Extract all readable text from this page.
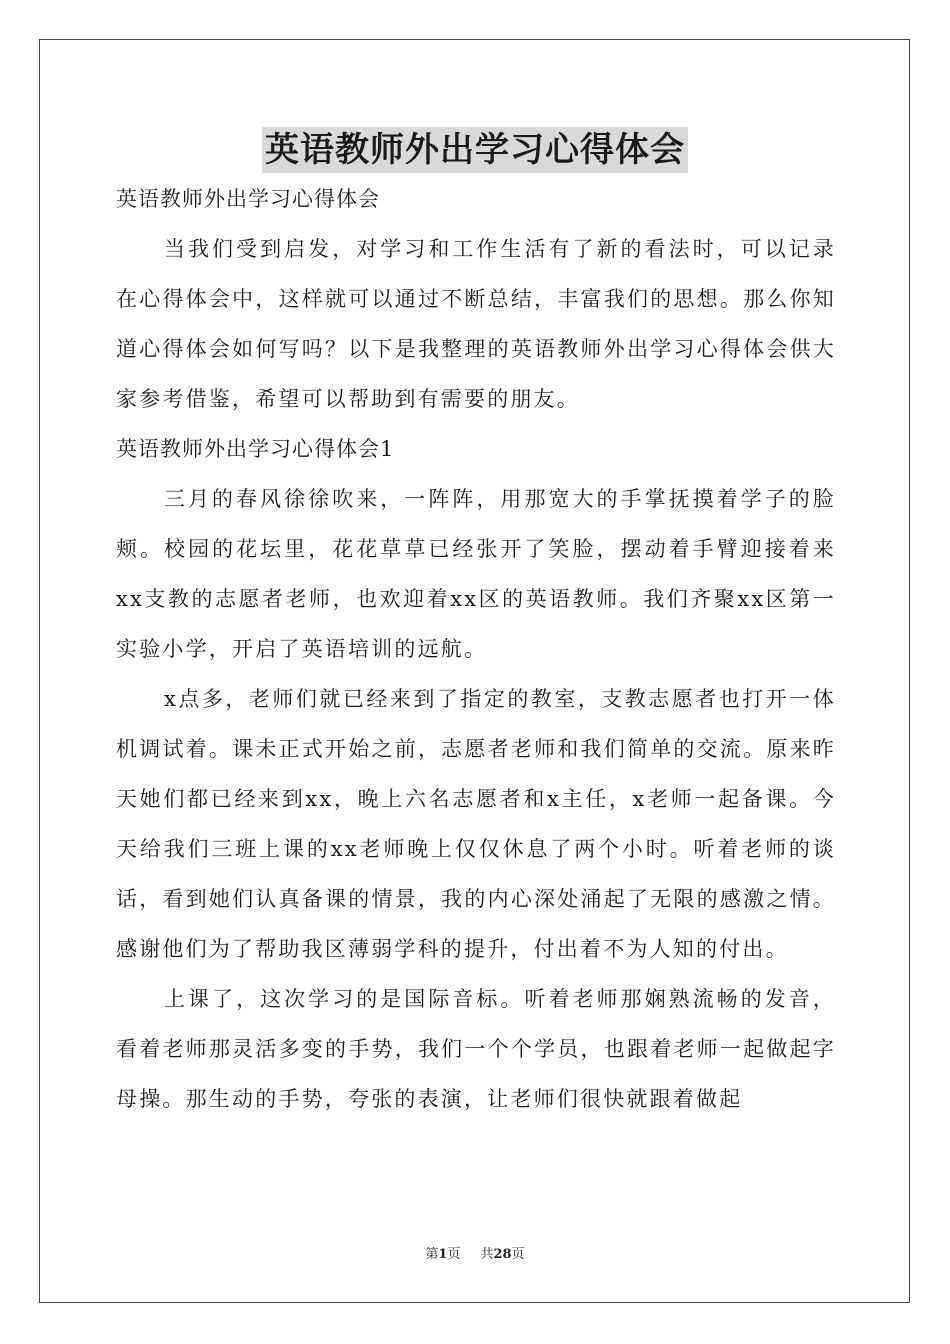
英语教师外出学习心得体会

英语教师外出学习心得体会

当我们受到启发，对学习和工作生活有了新的看法时，可以记录在心得体会中，这样就可以通过不断总结，丰富我们的思想。那么你知道心得体会如何写吗？以下是我整理的英语教师外出学习心得体会供大家参考借鉴，希望可以帮助到有需要的朋友。

英语教师外出学习心得体会1

三月的春风徐徐吹来，一阵阵，用那宽大的手掌抚摸着学子的脸颊。校园的花坛里，花花草草已经张开了笑脸，摆动着手臂迎接着来xx支教的志愿者老师，也欢迎着xx区的英语教师。我们齐聚xx区第一实验小学，开启了英语培训的远航。

x点多，老师们就已经来到了指定的教室，支教志愿者也打开一体机调试着。课未正式开始之前，志愿者老师和我们简单的交流。原来昨天她们都已经来到xx，晚上六名志愿者和x主任，x老师一起备课。今天给我们三班上课的xx老师晚上仅仅休息了两个小时。听着老师的谈话，看到她们认真备课的情景，我的内心深处涌起了无限的感激之情。感谢他们为了帮助我区薄弱学科的提升，付出着不为人知的付出。

上课了，这次学习的是国际音标。听着老师那娴熟流畅的发音，看着老师那灵活多变的手势，我们一个个学员，也跟着老师一起做起字母操。那生动的手势，夸张的表演，让老师们很快就跟着做起

第1页 共28页
